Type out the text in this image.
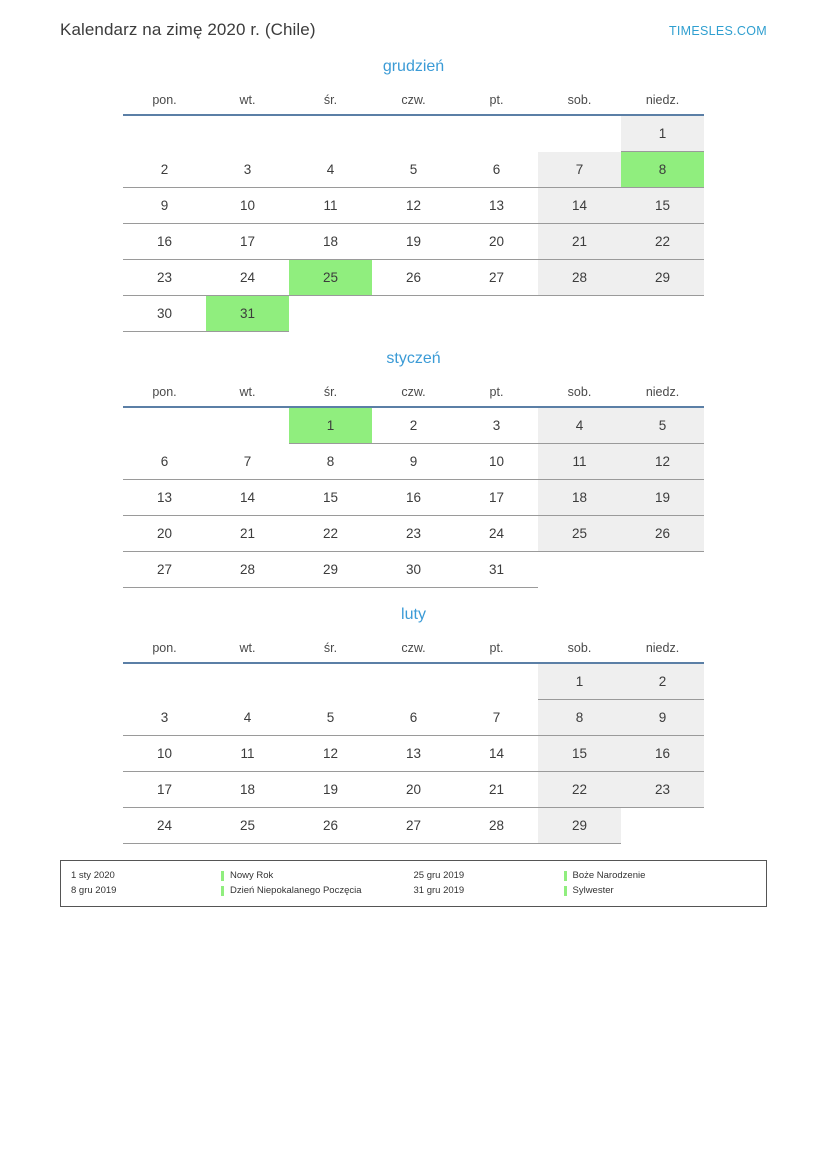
Kalendarz na zimę 2020 r. (Chile)	TIMESLES.COM
grudzień
pon.	wt.	śr.	czw.	pt.	sob.	niedz.
						1
2	3	4	5	6	7	8
9	10	11	12	13	14	15
16	17	18	19	20	21	22
23	24	25	26	27	28	29
30	31					
styczeń
pon.	wt.	śr.	czw.	pt.	sob.	niedz.
		1	2	3	4	5
6	7	8	9	10	11	12
13	14	15	16	17	18	19
20	21	22	23	24	25	26
27	28	29	30	31		
luty
pon.	wt.	śr.	czw.	pt.	sob.	niedz.
					1	2
3	4	5	6	7	8	9
10	11	12	13	14	15	16
17	18	19	20	21	22	23
24	25	26	27	28	29	
1 sty 2020	Nowy Rok
8 gru 2019	Dzień Niepokalanego Poczęcia
25 gru 2019	Boże Narodzenie
31 gru 2019	Sylwester
